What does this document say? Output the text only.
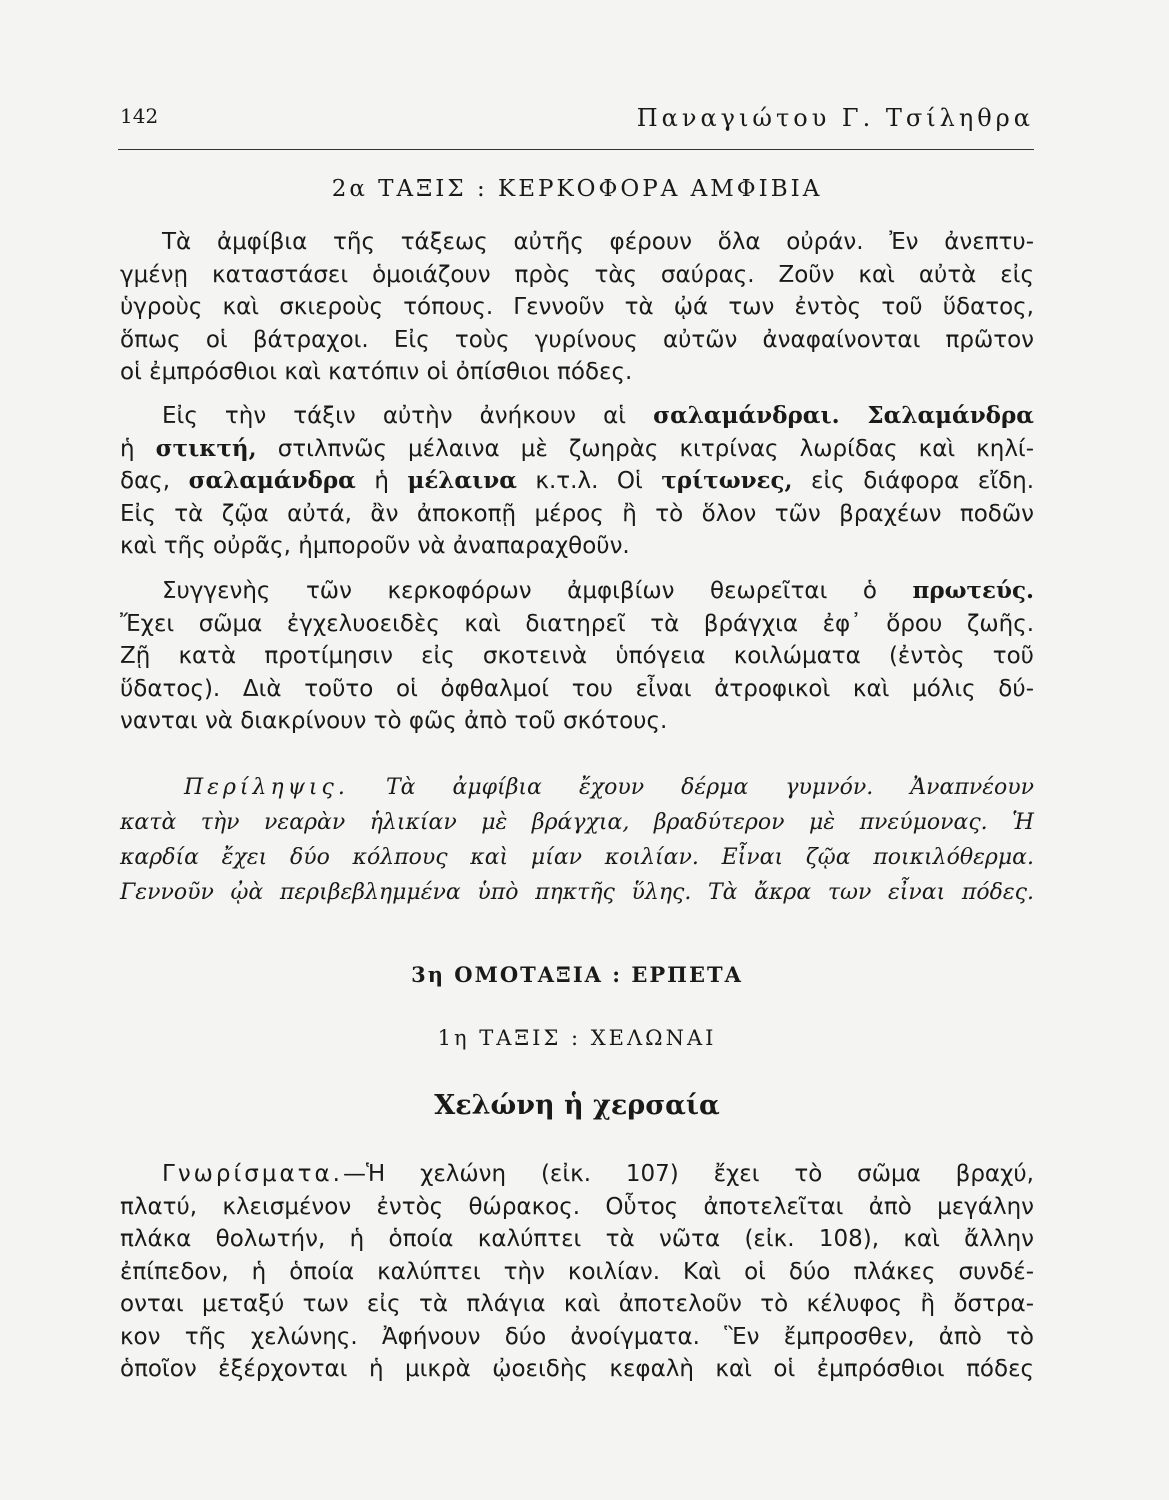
142	Παναγιώτου Γ. Τσίληθρα
2α ΤΑΞΙΣ : ΚΕΡΚΟΦΟΡΑ ΑΜΦΙΒΙΑ
Τὰ ἀμφίβια τῆς τάξεως αὐτῆς φέρουν ὅλα οὐράν. Ἐν ἀνεπτυ-
γμένῃ καταστάσει ὁμοιάζουν πρὸς τὰς σαύρας. Ζοῦν καὶ αὐτὰ εἰς
ὑγροὺς καὶ σκιεροὺς τόπους. Γεννοῦν τὰ ᾠά των ἐντὸς τοῦ ὕδατος,
ὅπως οἱ βάτραχοι. Εἰς τοὺς γυρίνους αὐτῶν ἀναφαίνονται πρῶτον
οἱ ἐμπρόσθιοι καὶ κατόπιν οἱ ὀπίσθιοι πόδες.
Εἰς τὴν τάξιν αὐτὴν ἀνήκουν αἱ σαλαμάνδραι. Σαλαμάνδρα
ἡ στικτή, στιλπνῶς μέλαινα μὲ ζωηρὰς κιτρίνας λωρίδας καὶ κηλί-
δας, σαλαμάνδρα ἡ μέλαινα κ.τ.λ. Οἱ τρίτωνες, εἰς διάφορα εἴδη.
Εἰς τὰ ζῷα αὐτά, ἂν ἀποκοπῇ μέρος ἢ τὸ ὅλον τῶν βραχέων ποδῶν
καὶ τῆς οὐρᾶς, ἠμποροῦν νὰ ἀναπαραχθοῦν.
Συγγενὴς τῶν κερκοφόρων ἀμφιβίων θεωρεῖται ὁ πρωτεύς.
Ἔχει σῶμα ἐγχελυοειδὲς καὶ διατηρεῖ τὰ βράγχια ἐφ᾽ ὅρου ζωῆς.
Ζῇ κατὰ προτίμησιν εἰς σκοτεινὰ ὑπόγεια κοιλώματα (ἐντὸς τοῦ
ὕδατος). Διὰ τοῦτο οἱ ὀφθαλμοί του εἶναι ἀτροφικοὶ καὶ μόλις δύ-
νανται νὰ διακρίνουν τὸ φῶς ἀπὸ τοῦ σκότους.
Περίληψις. Τὰ ἀμφίβια ἔχουν δέρμα γυμνόν. Ἀναπνέουν
κατὰ τὴν νεαρὰν ἡλικίαν μὲ βράγχια, βραδύτερον μὲ πνεύμονας. Ἡ
καρδία ἔχει δύο κόλπους καὶ μίαν κοιλίαν. Εἶναι ζῷα ποικιλόθερμα.
Γεννοῦν ᾠὰ περιβεβλημμένα ὑπὸ πηκτῆς ὕλης. Τὰ ἄκρα των εἶναι πόδες.
3η ΟΜΟΤΑΞΙΑ : ΕΡΠΕΤΑ
1η ΤΑΞΙΣ : ΧΕΛΩΝΑΙ
Χελώνη ἡ χερσαία
Γνωρίσματα.—Ἡ χελώνη (εἰκ. 107) ἔχει τὸ σῶμα βραχύ,
πλατύ, κλεισμένον ἐντὸς θώρακος. Οὗτος ἀποτελεῖται ἀπὸ μεγάλην
πλάκα θολωτήν, ἡ ὁποία καλύπτει τὰ νῶτα (εἰκ. 108), καὶ ἄλλην
ἐπίπεδον, ἡ ὁποία καλύπτει τὴν κοιλίαν. Καὶ οἱ δύο πλάκες συνδέ-
ονται μεταξύ των εἰς τὰ πλάγια καὶ ἀποτελοῦν τὸ κέλυφος ἢ ὄστρα-
κον τῆς χελώνης. Ἀφήνουν δύο ἀνοίγματα. Ἓν ἔμπροσθεν, ἀπὸ τὸ
ὁποῖον ἐξέρχονται ἡ μικρὰ ᾠοειδὴς κεφαλὴ καὶ οἱ ἐμπρόσθιοι πόδες
